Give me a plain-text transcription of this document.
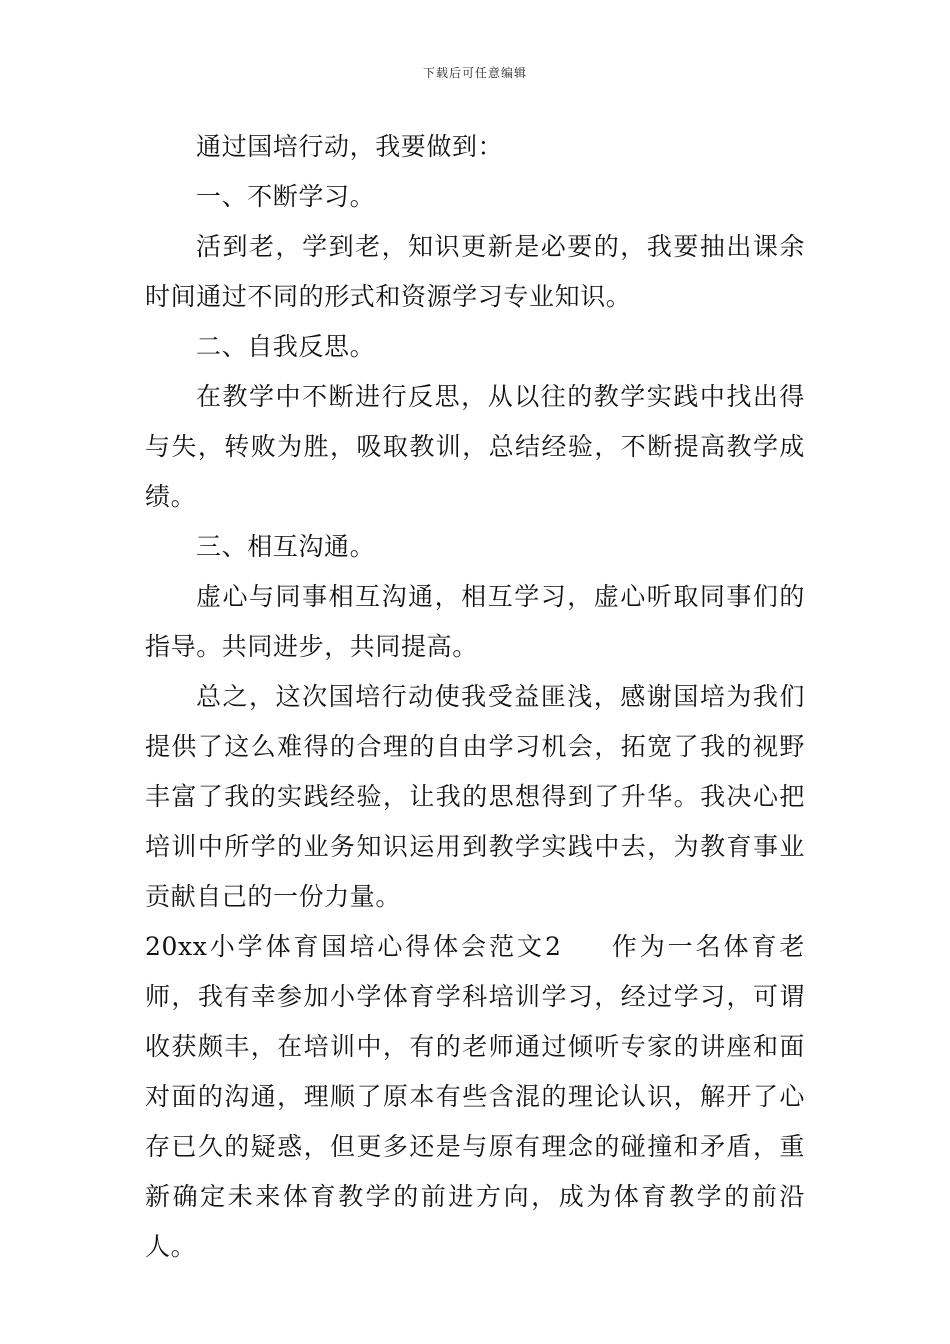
下载后可任意编辑

通过国培行动，我要做到：

一、不断学习。

活到老，学到老，知识更新是必要的，我要抽出课余时间通过不同的形式和资源学习专业知识。

二、自我反思。

在教学中不断进行反思，从以往的教学实践中找出得与失，转败为胜，吸取教训，总结经验，不断提高教学成绩。

三、相互沟通。

虚心与同事相互沟通，相互学习，虚心听取同事们的指导。共同进步，共同提高。

总之，这次国培行动使我受益匪浅，感谢国培为我们提供了这么难得的合理的自由学习机会，拓宽了我的视野丰富了我的实践经验，让我的思想得到了升华。我决心把培训中所学的业务知识运用到教学实践中去，为教育事业贡献自己的一份力量。

20xx小学体育国培心得体会范文2 作为一名体育老师，我有幸参加小学体育学科培训学习，经过学习，可谓收获颇丰，在培训中，有的老师通过倾听专家的讲座和面对面的沟通，理顺了原本有些含混的理论认识，解开了心存已久的疑惑，但更多还是与原有理念的碰撞和矛盾，重新确定未来体育教学的前进方向，成为体育教学的前沿人。
